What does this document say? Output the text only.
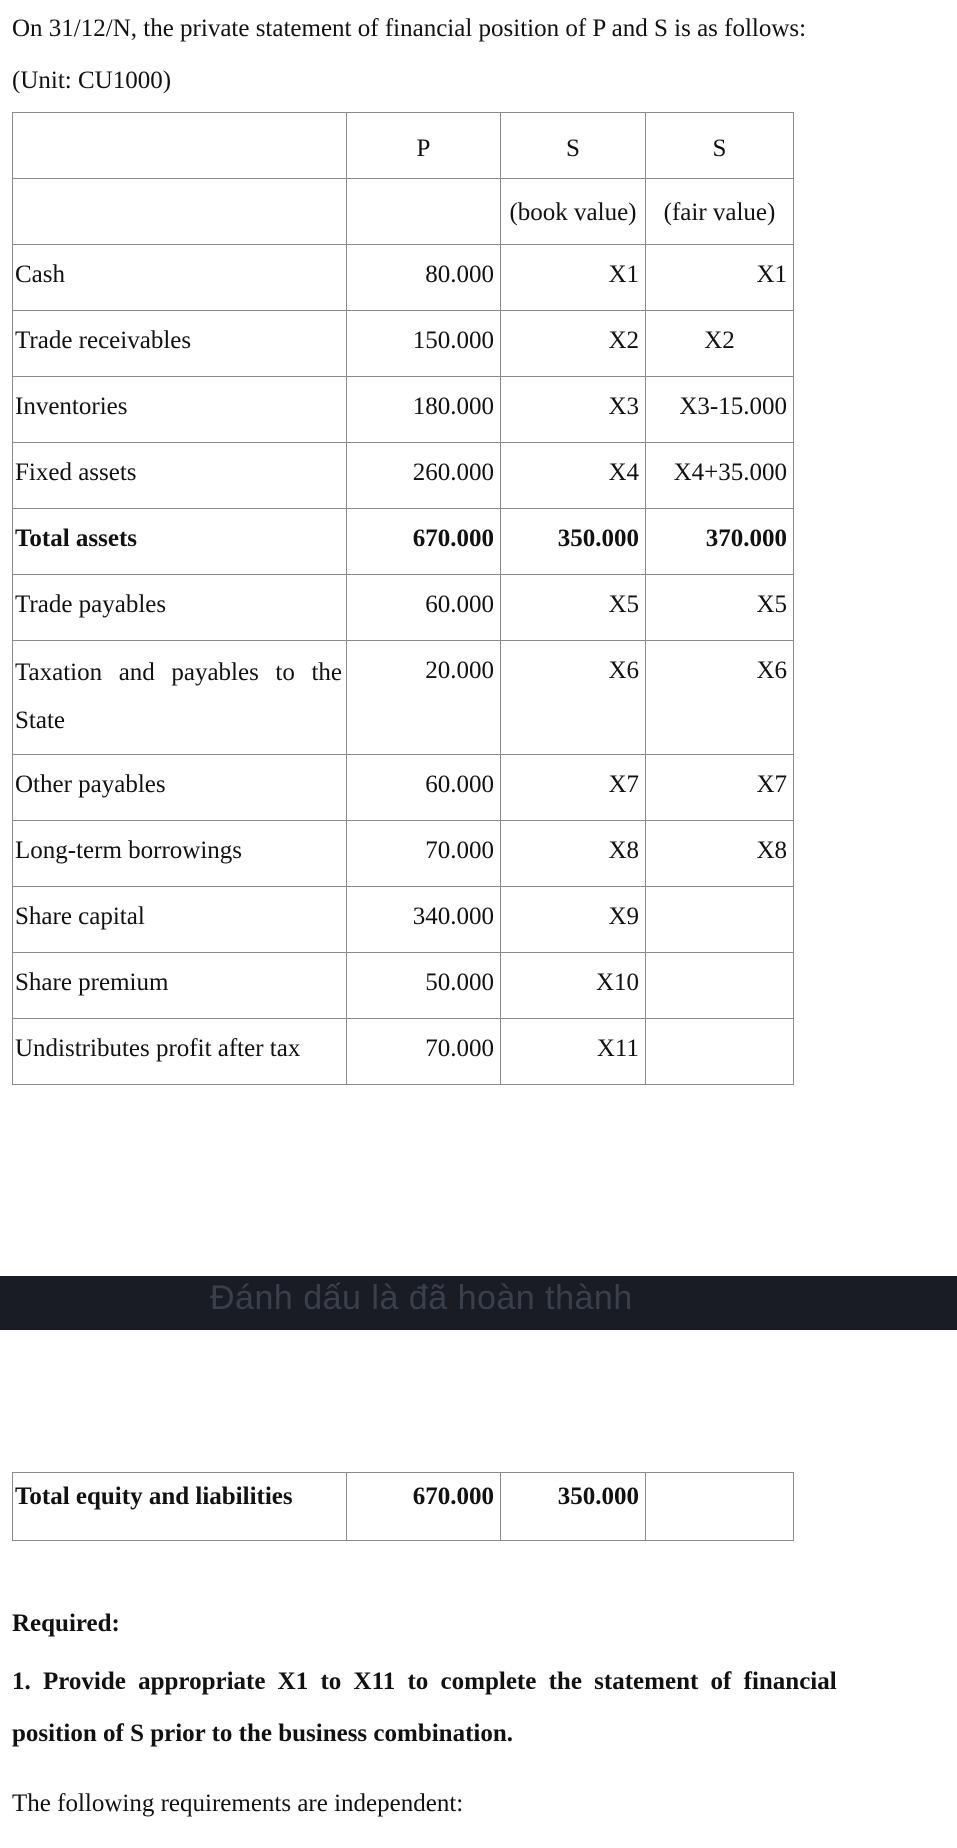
On 31/12/N, the private statement of financial position of P and S is as follows:
(Unit: CU1000)
	P	S	S
		(book value)	(fair value)
Cash	80.000	X1	X1
Trade receivables	150.000	X2	X2
Inventories	180.000	X3	X3-15.000
Fixed assets	260.000	X4	X4+35.000
Total assets	670.000	350.000	370.000
Trade payables	60.000	X5	X5

Taxation and payables to the State	20.000	X6	X6
Other payables	60.000	X7	X7
Long-term borrowings	70.000	X8	X8
Share capital	340.000	X9	
Share premium	50.000	X10	
Undistributes profit after tax	70.000	X11	
Đánh dấu là đã hoàn thành
Total equity and liabilities	670.000	350.000	
Required:
1. Provide appropriate X1 to X11 to complete the statement of financial
position of S prior to the business combination.
The following requirements are independent:
